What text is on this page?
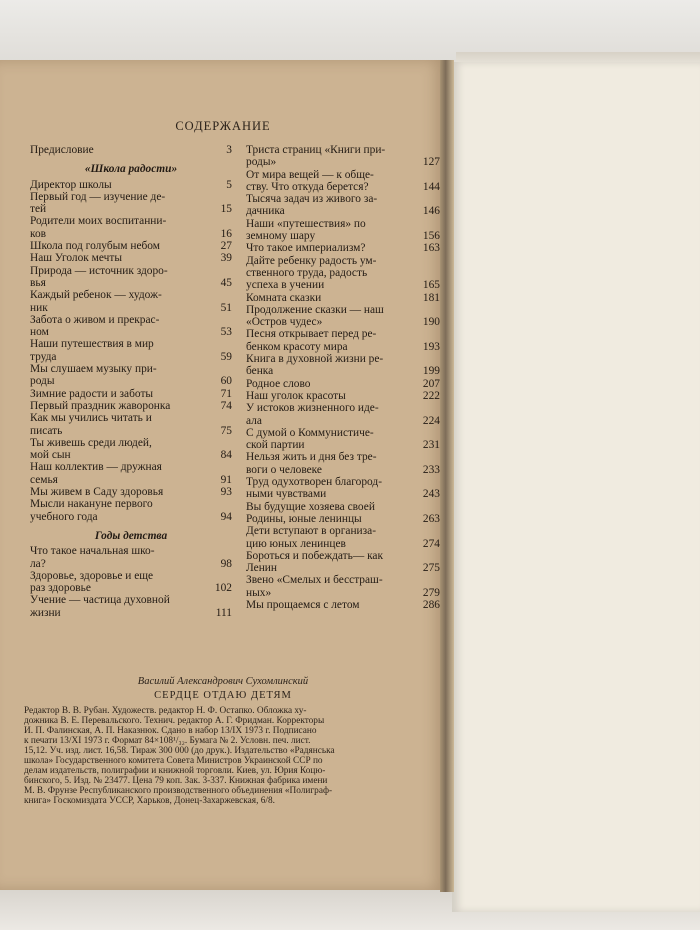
СОДЕРЖАНИЕ
Предисловие	3
«Школа радости»
Директор школы	5
Первый год — изучение де-
тей	15
Родители моих воспитанни-
ков	16
Школа под голубым небом	27
Наш Уголок мечты	39
Природа — источник здоро-
вья	45
Каждый ребенок — худож-
ник	51
Забота о живом и прекрас-
ном	53
Наши путешествия в мир
труда	59
Мы слушаем музыку при-
роды	60
Зимние радости и заботы	71
Первый праздник жаворонка	74
Как мы учились читать и
писать	75
Ты живешь среди людей,
мой сын	84
Наш коллектив — дружная
семья	91
Мы живем в Саду здоровья	93
Мысли накануне первого
учебного года	94
Годы детства
Что такое начальная шко-
ла?	98
Здоровье, здоровье и еще
раз здоровье	102
Учение — частица духовной
жизни	111
Триста страниц «Книги при-
роды»	127
От мира вещей — к обще-
ству. Что откуда берется?	144
Тысяча задач из живого за-
дачника	146
Наши «путешествия» по
земному шару	156
Что такое империализм?	163
Дайте ребенку радость ум-
ственного труда, радость
успеха в учении	165
Комната сказки	181
Продолжение сказки — наш
«Остров чудес»	190
Песня открывает перед ре-
бенком красоту мира	193
Книга в духовной жизни ре-
бенка	199
Родное слово	207
Наш уголок красоты	222
У истоков жизненного иде-
ала	224
С думой о Коммунистиче-
ской партии	231
Нельзя жить и дня без тре-
воги о человеке	233
Труд одухотворен благород-
ными чувствами	243
Вы будущие хозяева своей
Родины, юные ленинцы	263
Дети вступают в организа-
цию юных ленинцев	274
Бороться и побеждать— как
Ленин	275
Звено «Смелых и бесстраш-
ных»	279
Мы прощаемся с летом	286
Василий Александрович Сухомлинский
СЕРДЦЕ ОТДАЮ ДЕТЯМ
Редактор В. В. Рубан. Художеств. редактор Н. Ф. Остапко. Обложка ху-
дожника В. Е. Перевальского. Технич. редактор А. Г. Фридман. Корректоры
И. П. Фалинская, А. П. Наказнюк. Сдано в набор 13/IX 1973 г. Подписано
к печати 13/XI 1973 г. Формат 84×108¹/₃₂. Бумага № 2. Условн. печ. лист.
15,12. Уч. изд. лист. 16,58. Тираж 300 000 (до друк.). Издательство «Радянська
школа» Государственного комитета Совета Министров Украинской ССР по
делам издательств, полиграфии и книжной торговли. Киев, ул. Юрия Коцю-
бинского, 5. Изд. № 23477. Цена 79 коп. Зак. 3-337. Книжная фабрика имени
М. В. Фрунзе Республиканского производственного объединения «Полиграф-
книга» Госкомиздата УССР, Харьков, Донец-Захаржевская, 6/8.
